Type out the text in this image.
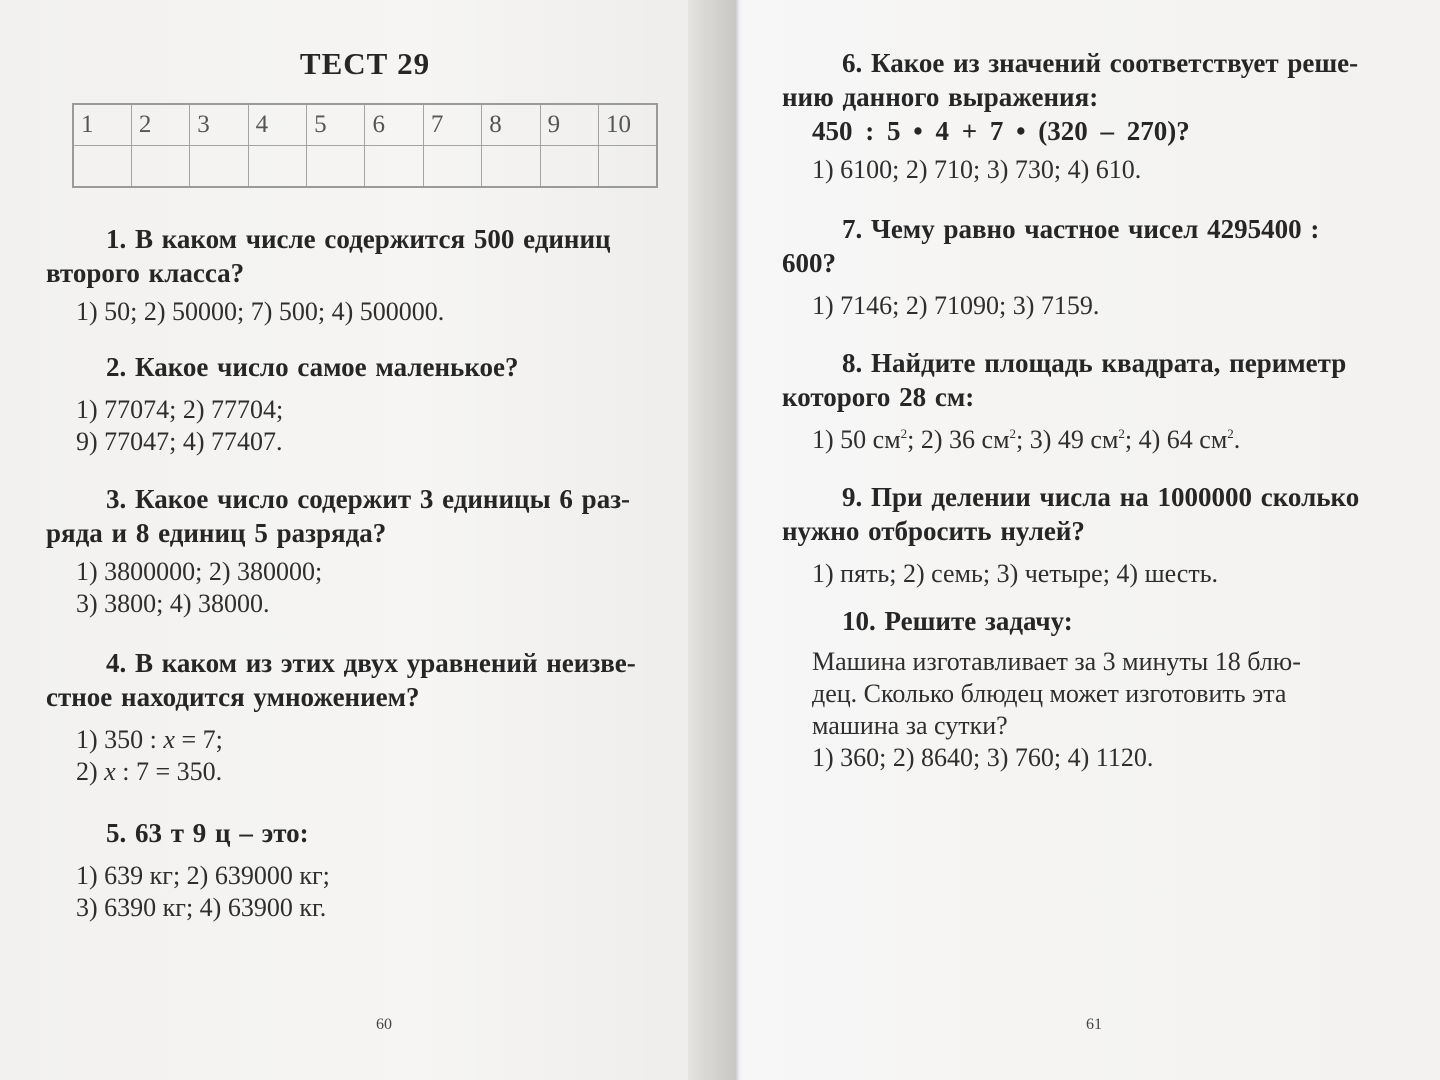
ТЕСТ 29
1	2	3	4	5	6	7	8	9	10

1. В каком числе содержится 500 единиц
второго класса?

1) 50; 2) 50000; 7) 500; 4) 500000.

2. Какое число самое маленькое?

1) 77074; 2) 77704;
9) 77047; 4) 77407.

3. Какое число содержит 3 единицы 6 раз-
ряда и 8 единиц 5 разряда?

1) 3800000; 2) 380000;
3) 3800; 4) 38000.

4. В каком из этих двух уравнений неизве-
стное находится умножением?

1) 350 : x = 7;
2) x : 7 = 350.

5. 63 т 9 ц – это:

1) 639 кг; 2) 639000 кг;
3) 6390 кг; 4) 63900 кг.
60

6. Какое из значений соответствует реше-
нию данного выражения:

450 : 5 • 4 + 7 • (320 – 270)?

1) 6100; 2) 710; 3) 730; 4) 610.

7. Чему равно частное чисел 4295400 :
600?

1) 7146; 2) 71090; 3) 7159.

8. Найдите площадь квадрата, периметр
которого 28 см:

1) 50 $см^2$; 2) 36 $см^2$; 3) 49 $см^2$; 4) 64 $см^2$.

9. При делении числа на 1000000 сколько
нужно отбросить нулей?

1) пять; 2) семь; 3) четыре; 4) шесть.

10. Решите задачу:

Машина изготавливает за 3 минуты 18 блю-
дец. Сколько блюдец может изготовить эта
машина за сутки?
1) 360; 2) 8640; 3) 760; 4) 1120.
61
